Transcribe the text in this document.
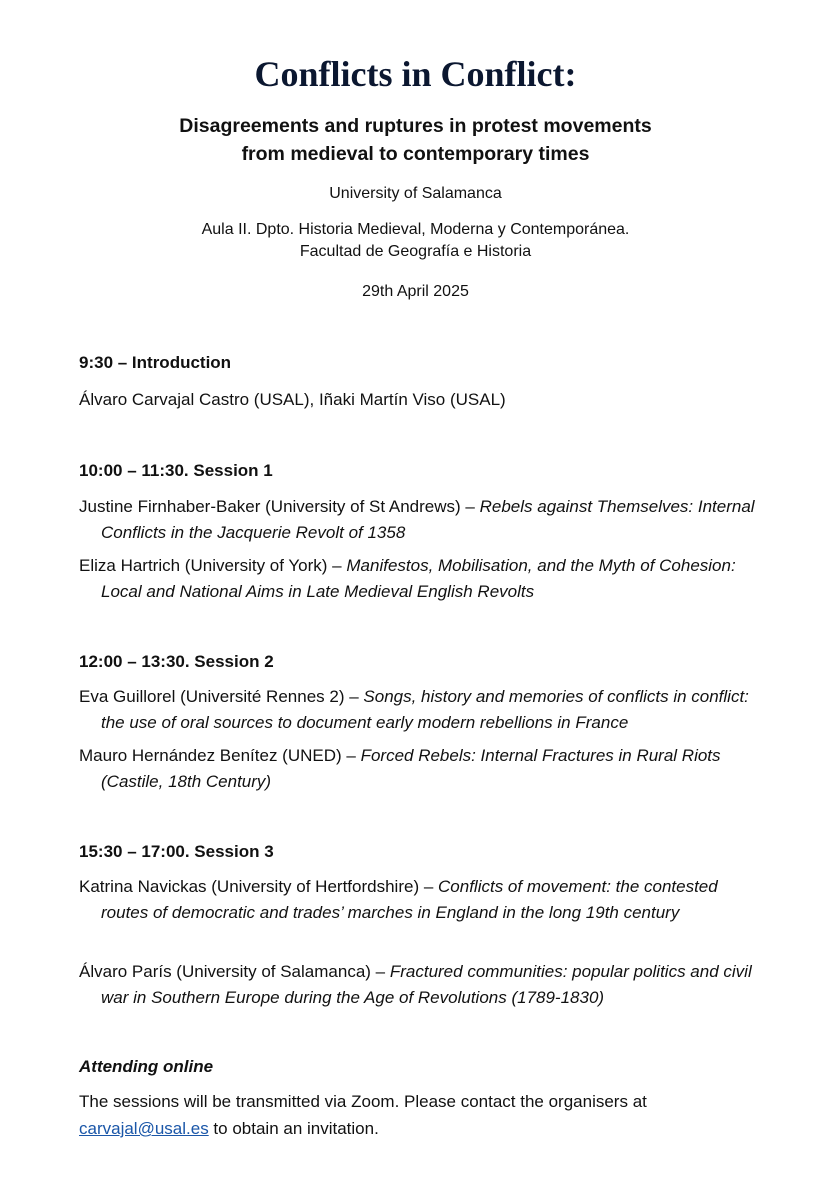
Conflicts in Conflict:
Disagreements and ruptures in protest movements
from medieval to contemporary times
University of Salamanca
Aula II. Dpto. Historia Medieval, Moderna y Contemporánea.
Facultad de Geografía e Historia
29th April 2025
9:30 – Introduction
Álvaro Carvajal Castro (USAL), Iñaki Martín Viso (USAL)
10:00 – 11:30. Session 1
Justine Firnhaber-Baker (University of St Andrews) – Rebels against Themselves: Internal Conflicts in the Jacquerie Revolt of 1358
Eliza Hartrich (University of York) – Manifestos, Mobilisation, and the Myth of Cohesion: Local and National Aims in Late Medieval English Revolts
12:00 – 13:30. Session 2
Eva Guillorel (Université Rennes 2) – Songs, history and memories of conflicts in conflict: the use of oral sources to document early modern rebellions in France
Mauro Hernández Benítez (UNED) – Forced Rebels: Internal Fractures in Rural Riots (Castile, 18th Century)
15:30 – 17:00. Session 3
Katrina Navickas (University of Hertfordshire) – Conflicts of movement: the contested routes of democratic and trades’ marches in England in the long 19th century
Álvaro París (University of Salamanca) – Fractured communities: popular politics and civil war in Southern Europe during the Age of Revolutions (1789-1830)
Attending online
The sessions will be transmitted via Zoom. Please contact the organisers at carvajal@usal.es to obtain an invitation.
